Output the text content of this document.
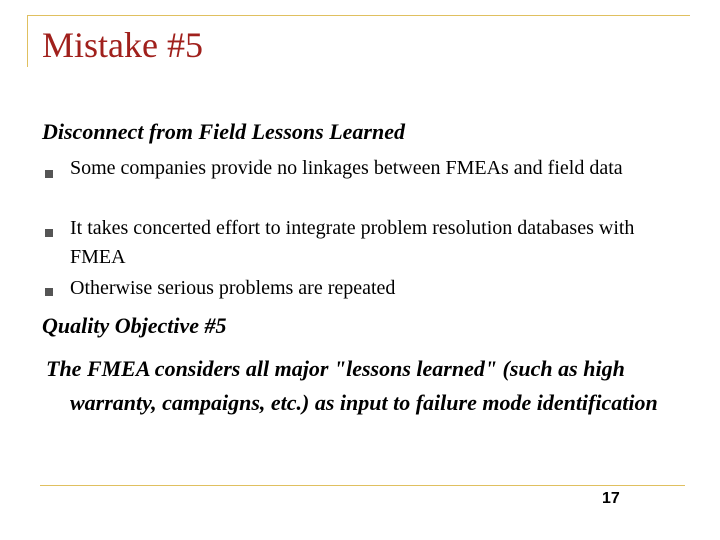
Mistake #5
Disconnect from Field Lessons Learned
Some companies provide no linkages between FMEAs and field data
It takes concerted effort to integrate problem resolution databases with FMEA
Otherwise serious problems are repeated
Quality Objective #5
The FMEA considers all major "lessons learned" (such as high warranty, campaigns, etc.) as input to failure mode identification
17
